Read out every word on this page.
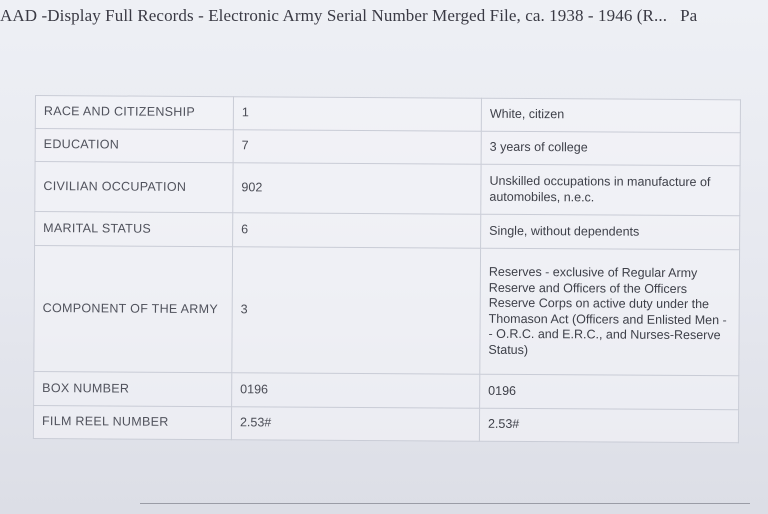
AAD -Display Full Records - Electronic Army Serial Number Merged File, ca. 1938 - 1946 (R... Pa
RACE AND CITIZENSHIP	1	White, citizen
EDUCATION	7	3 years of college
CIVILIAN OCCUPATION	902	Unskilled occupations in manufacture of automobiles, n.e.c.
MARITAL STATUS	6	Single, without dependents
COMPONENT OF THE ARMY	3	Reserves - exclusive of Regular Army Reserve and Officers of the Officers Reserve Corps on active duty under the Thomason Act (Officers and Enlisted Men -- O.R.C. and E.R.C., and Nurses-Reserve Status)
BOX NUMBER	0196	0196
FILM REEL NUMBER	2.53#	2.53#
